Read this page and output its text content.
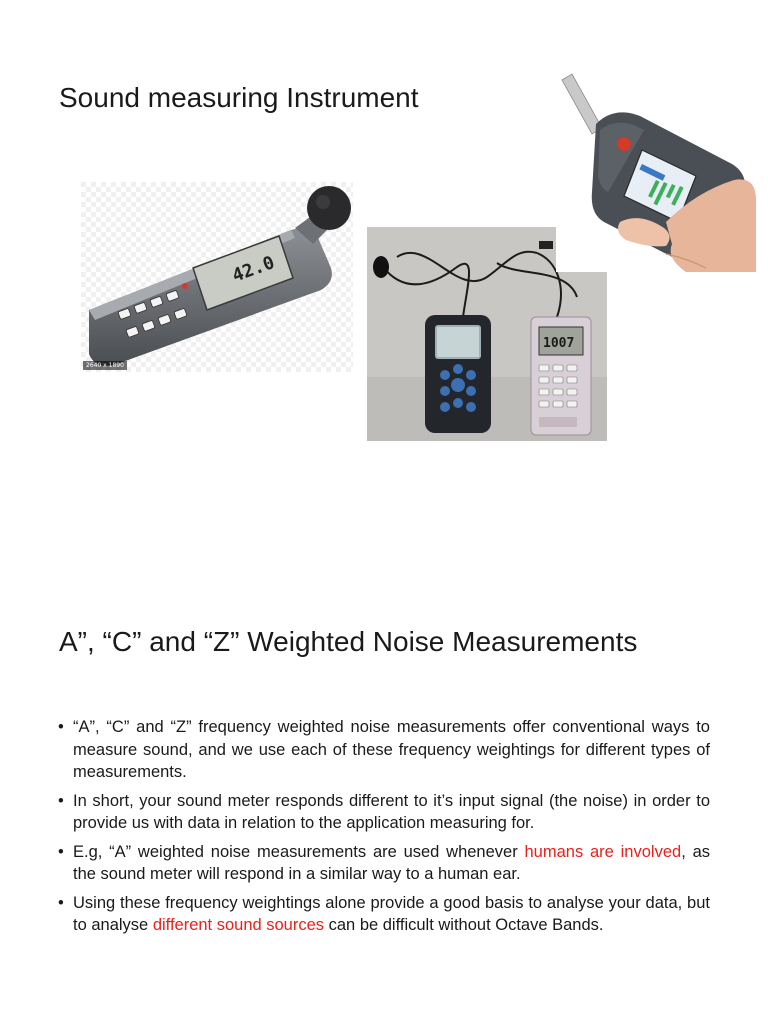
Sound measuring Instrument
42.0
2640 x 1890
1007
A”, “C” and “Z” Weighted Noise Measurements
• “A”, “C” and “Z” frequency weighted noise measurements offer conventional ways to measure sound, and we use each of these frequency weightings for different types of measurements.
• In short, your sound meter responds different to it’s input signal (the noise) in order to provide us with data in relation to the application measuring for.
• E.g, “A” weighted noise measurements are used whenever humans are involved, as the sound meter will respond in a similar way to a human ear.
• Using these frequency weightings alone provide a good basis to analyse your data, but to analyse different sound sources can be difficult without Octave Bands.
